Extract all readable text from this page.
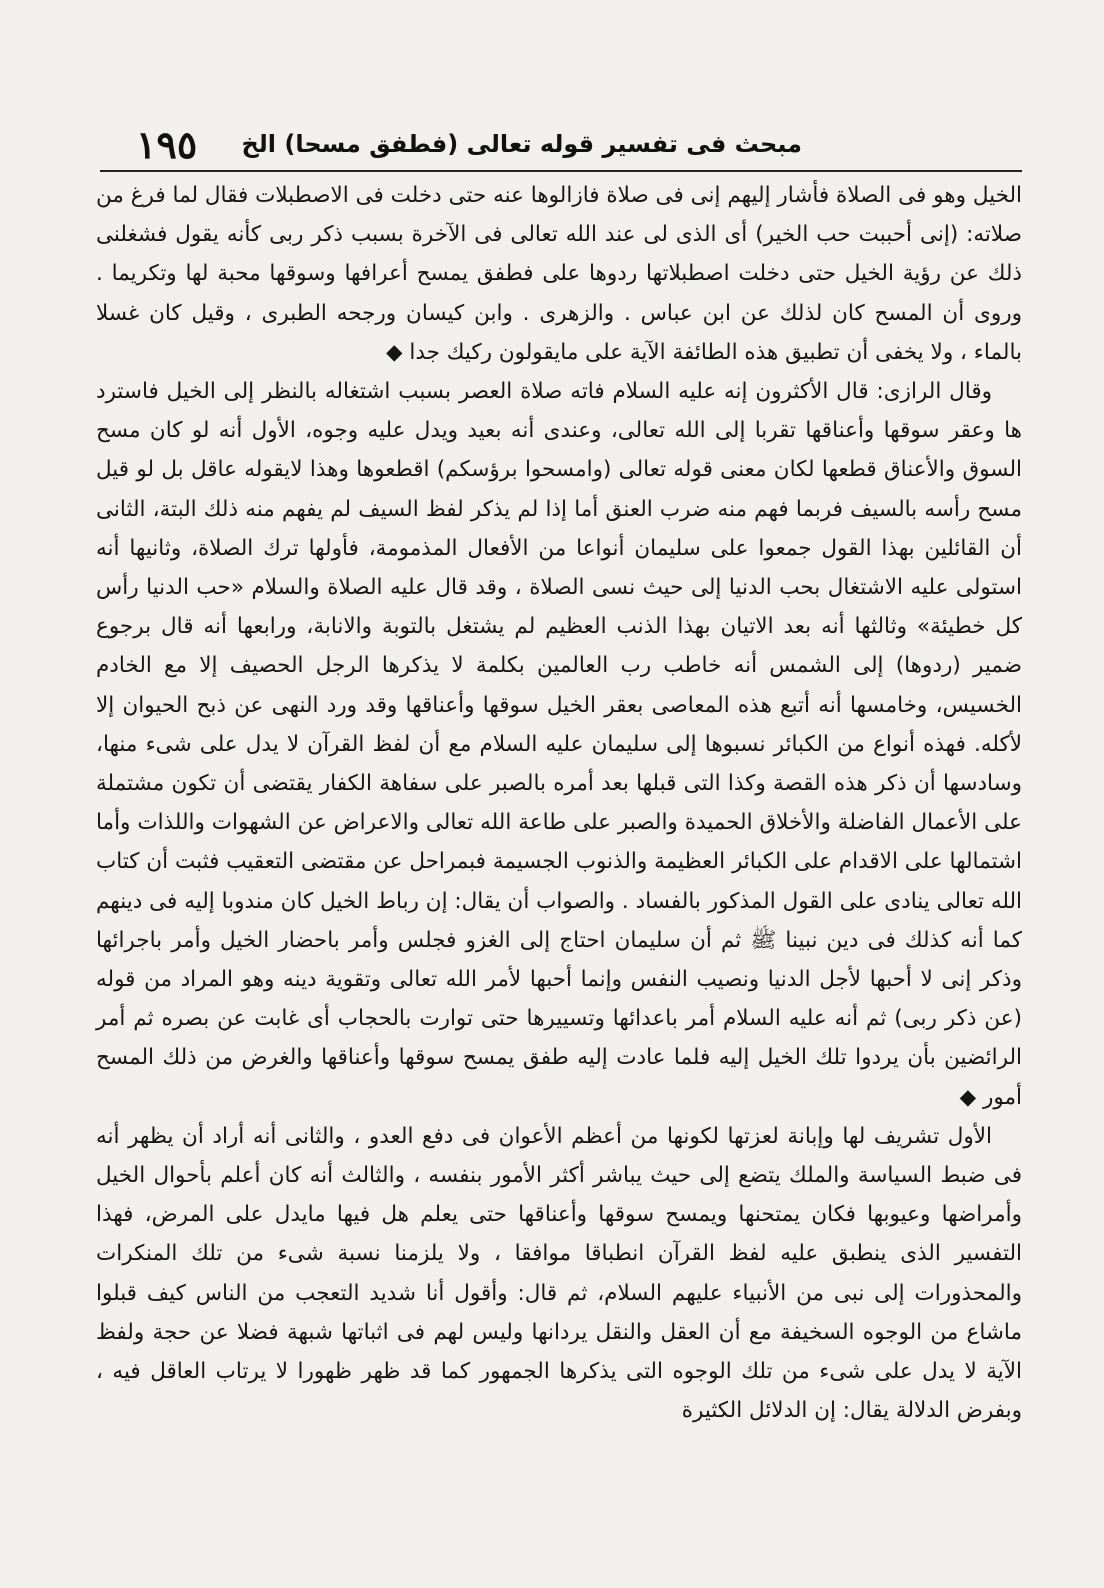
١٩٥ مبحث فى تفسير قوله تعالى (فطفق مسحا) الخ

الخيل وهو فى الصلاة فأشار إليهم إنى فى صلاة فازالوها عنه حتى دخلت فى الاصطبلات فقال لما فرغ من صلاته: (إنى أحببت حب الخير) أى الذى لى عند الله تعالى فى الآخرة بسبب ذكر ربى كأنه يقول فشغلنى ذلك عن رؤية الخيل حتى دخلت اصطبلاتها ردوها على فطفق يمسح أعرافها وسوقها محبة لها وتكريما . وروى أن المسح كان لذلك عن ابن عباس . والزهرى . وابن كيسان ورجحه الطبرى ، وقيل كان غسلا بالماء ، ولا يخفى أن تطبيق هذه الطائفة الآية على مايقولون ركيك جدا ◆

وقال الرازى: قال الأكثرون إنه عليه السلام فاته صلاة العصر بسبب اشتغاله بالنظر إلى الخيل فاسترد ها وعقر سوقها وأعناقها تقربا إلى الله تعالى، وعندى أنه بعيد ويدل عليه وجوه، الأول أنه لو كان مسح السوق والأعناق قطعها لكان معنى قوله تعالى (وامسحوا برؤسكم) اقطعوها وهذا لايقوله عاقل بل لو قيل مسح رأسه بالسيف فربما فهم منه ضرب العنق أما إذا لم يذكر لفظ السيف لم يفهم منه ذلك البتة، الثانى أن القائلين بهذا القول جمعوا على سليمان أنواعا من الأفعال المذمومة، فأولها ترك الصلاة، وثانيها أنه استولى عليه الاشتغال بحب الدنيا إلى حيث نسى الصلاة ، وقد قال عليه الصلاة والسلام «حب الدنيا رأس كل خطيئة» وثالثها أنه بعد الاتيان بهذا الذنب العظيم لم يشتغل بالتوبة والانابة، ورابعها أنه قال برجوع ضمير (ردوها) إلى الشمس أنه خاطب رب العالمين بكلمة لا يذكرها الرجل الحصيف إلا مع الخادم الخسيس، وخامسها أنه أتبع هذه المعاصى بعقر الخيل سوقها وأعناقها وقد ورد النهى عن ذبح الحيوان إلا لأكله. فهذه أنواع من الكبائر نسبوها إلى سليمان عليه السلام مع أن لفظ القرآن لا يدل على شىء منها، وسادسها أن ذكر هذه القصة وكذا التى قبلها بعد أمره بالصبر على سفاهة الكفار يقتضى أن تكون مشتملة على الأعمال الفاضلة والأخلاق الحميدة والصبر على طاعة الله تعالى والاعراض عن الشهوات واللذات وأما اشتمالها على الاقدام على الكبائر العظيمة والذنوب الجسيمة فبمراحل عن مقتضى التعقيب فثبت أن كتاب الله تعالى ينادى على القول المذكور بالفساد . والصواب أن يقال: إن رباط الخيل كان مندوبا إليه فى دينهم كما أنه كذلك فى دين نبينا ﷺ ثم أن سليمان احتاج إلى الغزو فجلس وأمر باحضار الخيل وأمر باجرائها وذكر إنى لا أحبها لأجل الدنيا ونصيب النفس وإنما أحبها لأمر الله تعالى وتقوية دينه وهو المراد من قوله (عن ذكر ربى) ثم أنه عليه السلام أمر باعدائها وتسييرها حتى توارت بالحجاب أى غابت عن بصره ثم أمر الرائضين بأن يردوا تلك الخيل إليه فلما عادت إليه طفق يمسح سوقها وأعناقها والغرض من ذلك المسح أمور ◆

الأول تشريف لها وإبانة لعزتها لكونها من أعظم الأعوان فى دفع العدو ، والثانى أنه أراد أن يظهر أنه فى ضبط السياسة والملك يتضع إلى حيث يباشر أكثر الأمور بنفسه ، والثالث أنه كان أعلم بأحوال الخيل وأمراضها وعيوبها فكان يمتحنها ويمسح سوقها وأعناقها حتى يعلم هل فيها مايدل على المرض، فهذا التفسير الذى ينطبق عليه لفظ القرآن انطباقا موافقا ، ولا يلزمنا نسبة شىء من تلك المنكرات والمحذورات إلى نبى من الأنبياء عليهم السلام، ثم قال: وأقول أنا شديد التعجب من الناس كيف قبلوا ماشاع من الوجوه السخيفة مع أن العقل والنقل يردانها وليس لهم فى اثباتها شبهة فضلا عن حجة ولفظ الآية لا يدل على شىء من تلك الوجوه التى يذكرها الجمهور كما قد ظهر ظهورا لا يرتاب العاقل فيه ، وبفرض الدلالة يقال: إن الدلائل الكثيرة
